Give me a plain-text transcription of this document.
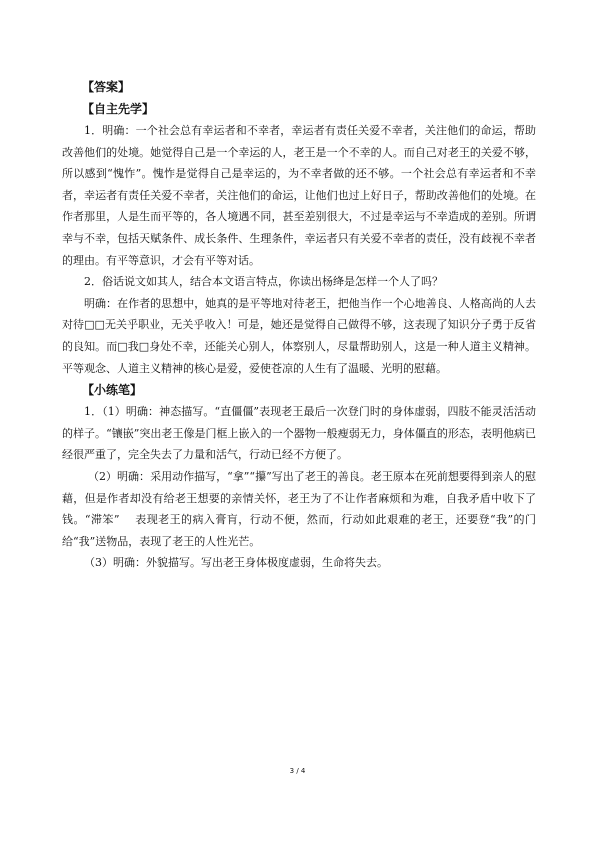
【答案】
【自主先学】

1．明确：一个社会总有幸运者和不幸者，幸运者有责任关爱不幸者，关注他们的命运，帮助改善他们的处境。她觉得自己是一个幸运的人，老王是一个不幸的人。而自己对老王的关爱不够，所以感到“愧怍”。愧怍是觉得自己是幸运的，为不幸者做的还不够。一个社会总有幸运者和不幸者，幸运者有责任关爱不幸者，关注他们的命运，让他们也过上好日子，帮助改善他们的处境。在作者那里，人是生而平等的，各人境遇不同，甚至差别很大，不过是幸运与不幸造成的差别。所谓幸与不幸，包括天赋条件、成长条件、生理条件，幸运者只有关爱不幸者的责任，没有歧视不幸者的理由。有平等意识，才会有平等对话。

2．俗话说文如其人，结合本文语言特点，你读出杨绛是怎样一个人了吗？

明确：在作者的思想中，她真的是平等地对待老王，把他当作一个心地善良、人格高尚的人去对待□□无关乎职业，无关乎收入！可是，她还是觉得自己做得不够，这表现了知识分子勇于反省的良知。而□我□身处不幸，还能关心别人，体察别人，尽量帮助别人，这是一种人道主义精神。平等观念、人道主义精神的核心是爱，爱使苍凉的人生有了温暖、光明的慰藉。

【小练笔】

1．（1）明确：神态描写。“直僵僵”表现老王最后一次登门时的身体虚弱，四肢不能灵活活动的样子。“镶嵌”突出老王像是门框上嵌入的一个器物一般瘦弱无力，身体僵直的形态，表明他病已经很严重了，完全失去了力量和活气，行动已经不方便了。

（2）明确：采用动作描写，“拿”“攥”写出了老王的善良。老王原本在死前想要得到亲人的慰藉，但是作者却没有给老王想要的亲情关怀，老王为了不让作者麻烦和为难，自我矛盾中收下了钱。“滞笨”　 表现老王的病入膏肓，行动不便，然而，行动如此艰难的老王，还要登“我”的门给“我”送物品，表现了老王的人性光芒。

（3）明确：外貌描写。写出老王身体极度虚弱，生命将失去。

3 / 4
